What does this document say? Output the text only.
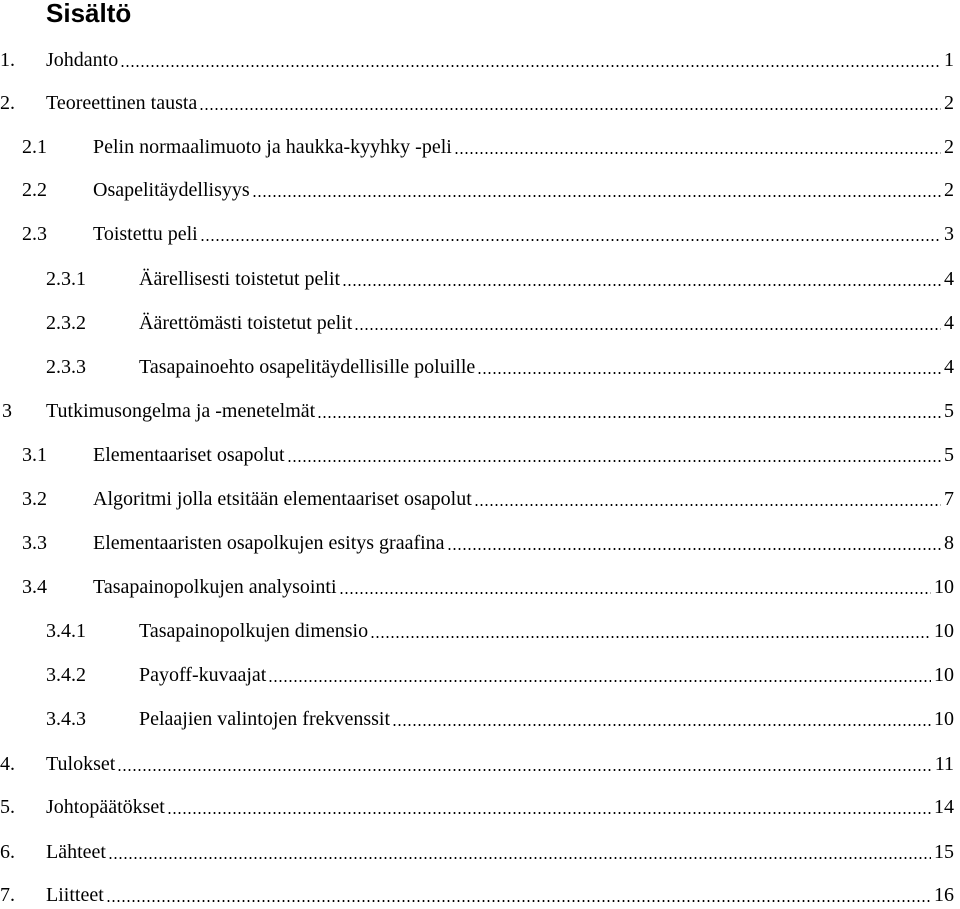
Sisältö
1. Johdanto	1
2. Teoreettinen tausta	2
2.1 Pelin normaalimuoto ja haukka-kyyhky -peli	2
2.2 Osapelitäydellisyys	2
2.3 Toistettu peli	3
2.3.1	Äärellisesti toistetut pelit	4
2.3.2	Äärettömästi toistetut pelit	4
2.3.3	Tasapainoehto osapelitäydellisille poluille	4
3 Tutkimusongelma ja -menetelmät	5
3.1 Elementaariset osapolut	5
3.2 Algoritmi jolla etsitään elementaariset osapolut	7
3.3 Elementaaristen osapolkujen esitys graafina	8
3.4 Tasapainopolkujen analysointi	10
3.4.1	Tasapainopolkujen dimensio	10
3.4.2	Payoff-kuvaajat	10
3.4.3	Pelaajien valintojen frekvenssit	10
4. Tulokset	11
5. Johtopäätökset	14
6. Lähteet	15
7. Liitteet	16
